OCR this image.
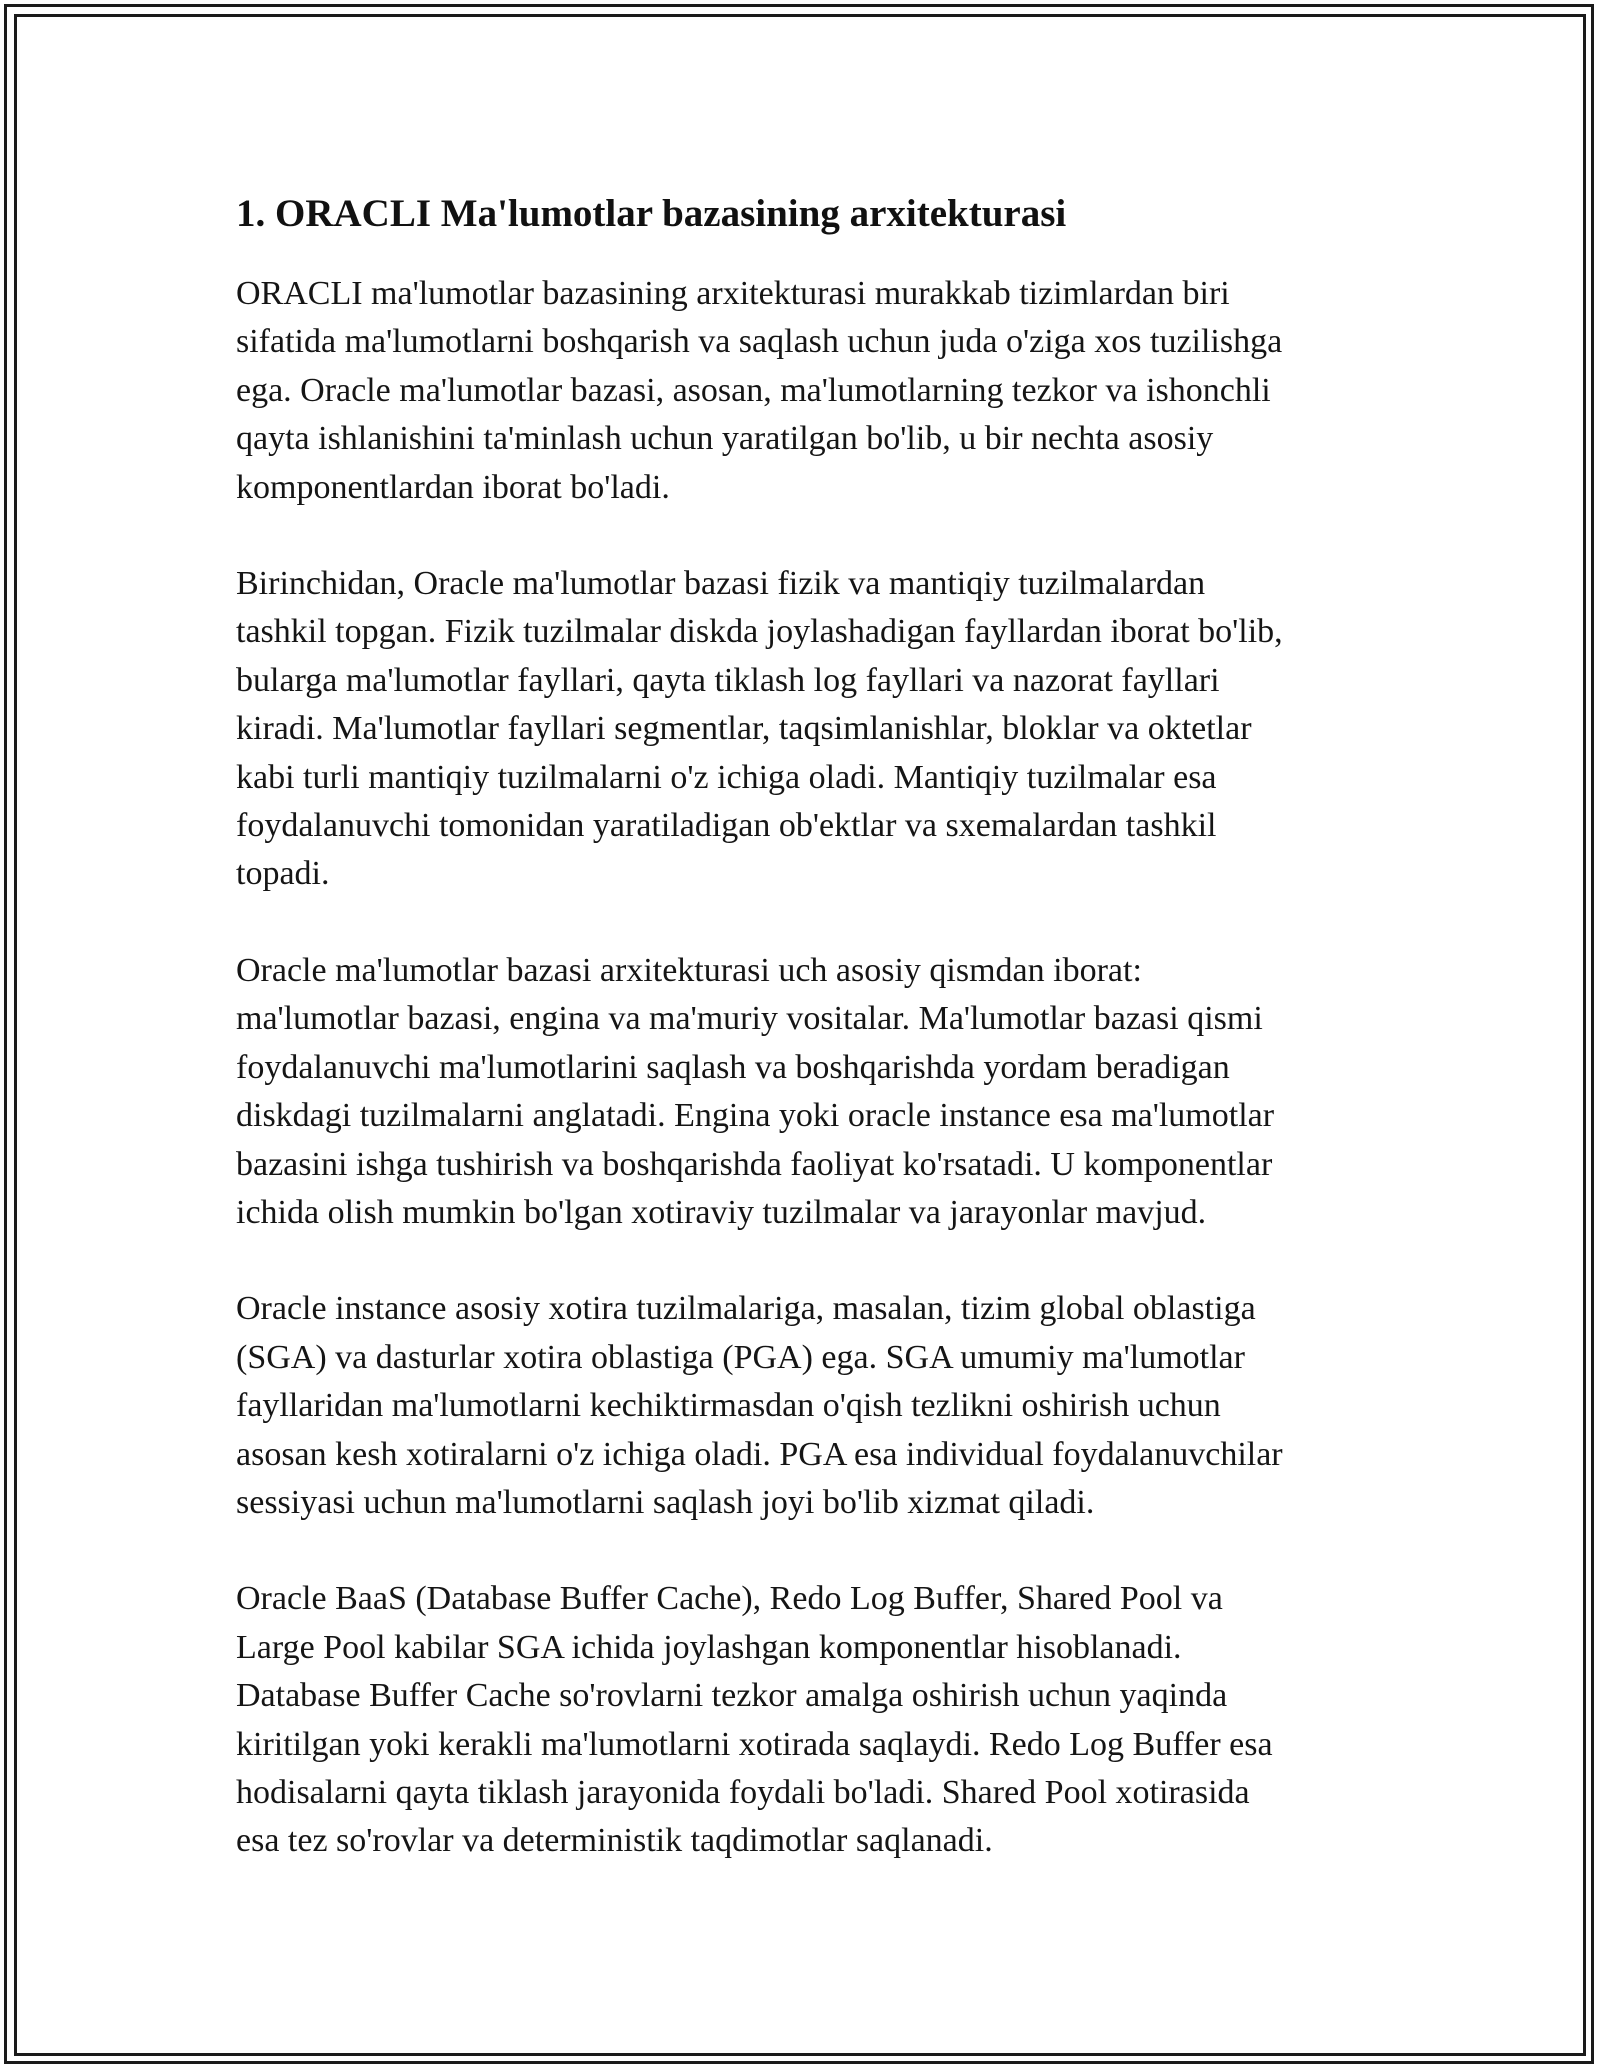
1. ORACLI Ma'lumotlar bazasining arxitekturasi

ORACLI ma'lumotlar bazasining arxitekturasi murakkab tizimlardan biri
sifatida ma'lumotlarni boshqarish va saqlash uchun juda o'ziga xos tuzilishga
ega. Oracle ma'lumotlar bazasi, asosan, ma'lumotlarning tezkor va ishonchli
qayta ishlanishini ta'minlash uchun yaratilgan bo'lib, u bir nechta asosiy
komponentlardan iborat bo'ladi.

Birinchidan, Oracle ma'lumotlar bazasi fizik va mantiqiy tuzilmalardan
tashkil topgan. Fizik tuzilmalar diskda joylashadigan fayllardan iborat bo'lib,
bularga ma'lumotlar fayllari, qayta tiklash log fayllari va nazorat fayllari
kiradi. Ma'lumotlar fayllari segmentlar, taqsimlanishlar, bloklar va oktetlar
kabi turli mantiqiy tuzilmalarni o'z ichiga oladi. Mantiqiy tuzilmalar esa
foydalanuvchi tomonidan yaratiladigan ob'ektlar va sxemalardan tashkil
topadi.

Oracle ma'lumotlar bazasi arxitekturasi uch asosiy qismdan iborat:
ma'lumotlar bazasi, engina va ma'muriy vositalar. Ma'lumotlar bazasi qismi
foydalanuvchi ma'lumotlarini saqlash va boshqarishda yordam beradigan
diskdagi tuzilmalarni anglatadi. Engina yoki oracle instance esa ma'lumotlar
bazasini ishga tushirish va boshqarishda faoliyat ko'rsatadi. U komponentlar
ichida olish mumkin bo'lgan xotiraviy tuzilmalar va jarayonlar mavjud.

Oracle instance asosiy xotira tuzilmalariga, masalan, tizim global oblastiga
(SGA) va dasturlar xotira oblastiga (PGA) ega. SGA umumiy ma'lumotlar
fayllaridan ma'lumotlarni kechiktirmasdan o'qish tezlikni oshirish uchun
asosan kesh xotiralarni o'z ichiga oladi. PGA esa individual foydalanuvchilar
sessiyasi uchun ma'lumotlarni saqlash joyi bo'lib xizmat qiladi.

Oracle BaaS (Database Buffer Cache), Redo Log Buffer, Shared Pool va
Large Pool kabilar SGA ichida joylashgan komponentlar hisoblanadi.
Database Buffer Cache so'rovlarni tezkor amalga oshirish uchun yaqinda
kiritilgan yoki kerakli ma'lumotlarni xotirada saqlaydi. Redo Log Buffer esa
hodisalarni qayta tiklash jarayonida foydali bo'ladi. Shared Pool xotirasida
esa tez so'rovlar va deterministik taqdimotlar saqlanadi.
